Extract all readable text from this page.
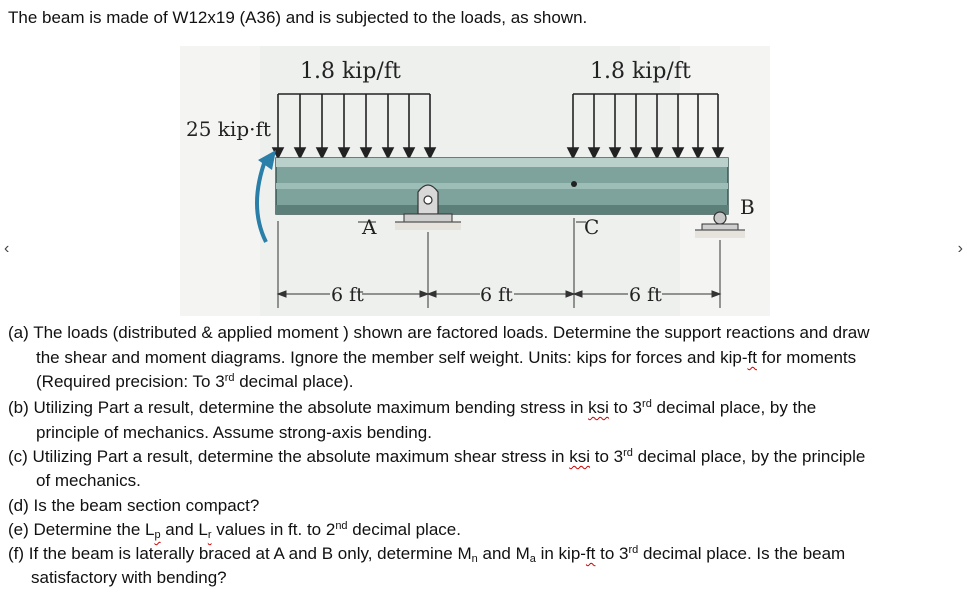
The beam is made of W12x19 (A36) and is subjected to the loads, as shown.
1.8 kip/ft	1.8 kip/ft
25 kip·ft
A
B
C
6 ft	6 ft	6 ft
‹	›
(a) The loads (distributed & applied moment ) shown are factored loads. Determine the support reactions and draw
the shear and moment diagrams. Ignore the member self weight. Units: kips for forces and kip-ft for moments
(Required precision: To 3rd decimal place).
(b) Utilizing Part a result, determine the absolute maximum bending stress in ksi to 3rd decimal place, by the
principle of mechanics. Assume strong-axis bending.
(c) Utilizing Part a result, determine the absolute maximum shear stress in ksi to 3rd decimal place, by the principle
of mechanics.
(d) Is the beam section compact?
(e) Determine the $L_p$ and $L_r$ values in ft. to 2nd decimal place.
(f) If the beam is laterally braced at A and B only, determine $M_n$ and $M_a$ in kip-ft to 3rd decimal place. Is the beam
satisfactory with bending?
